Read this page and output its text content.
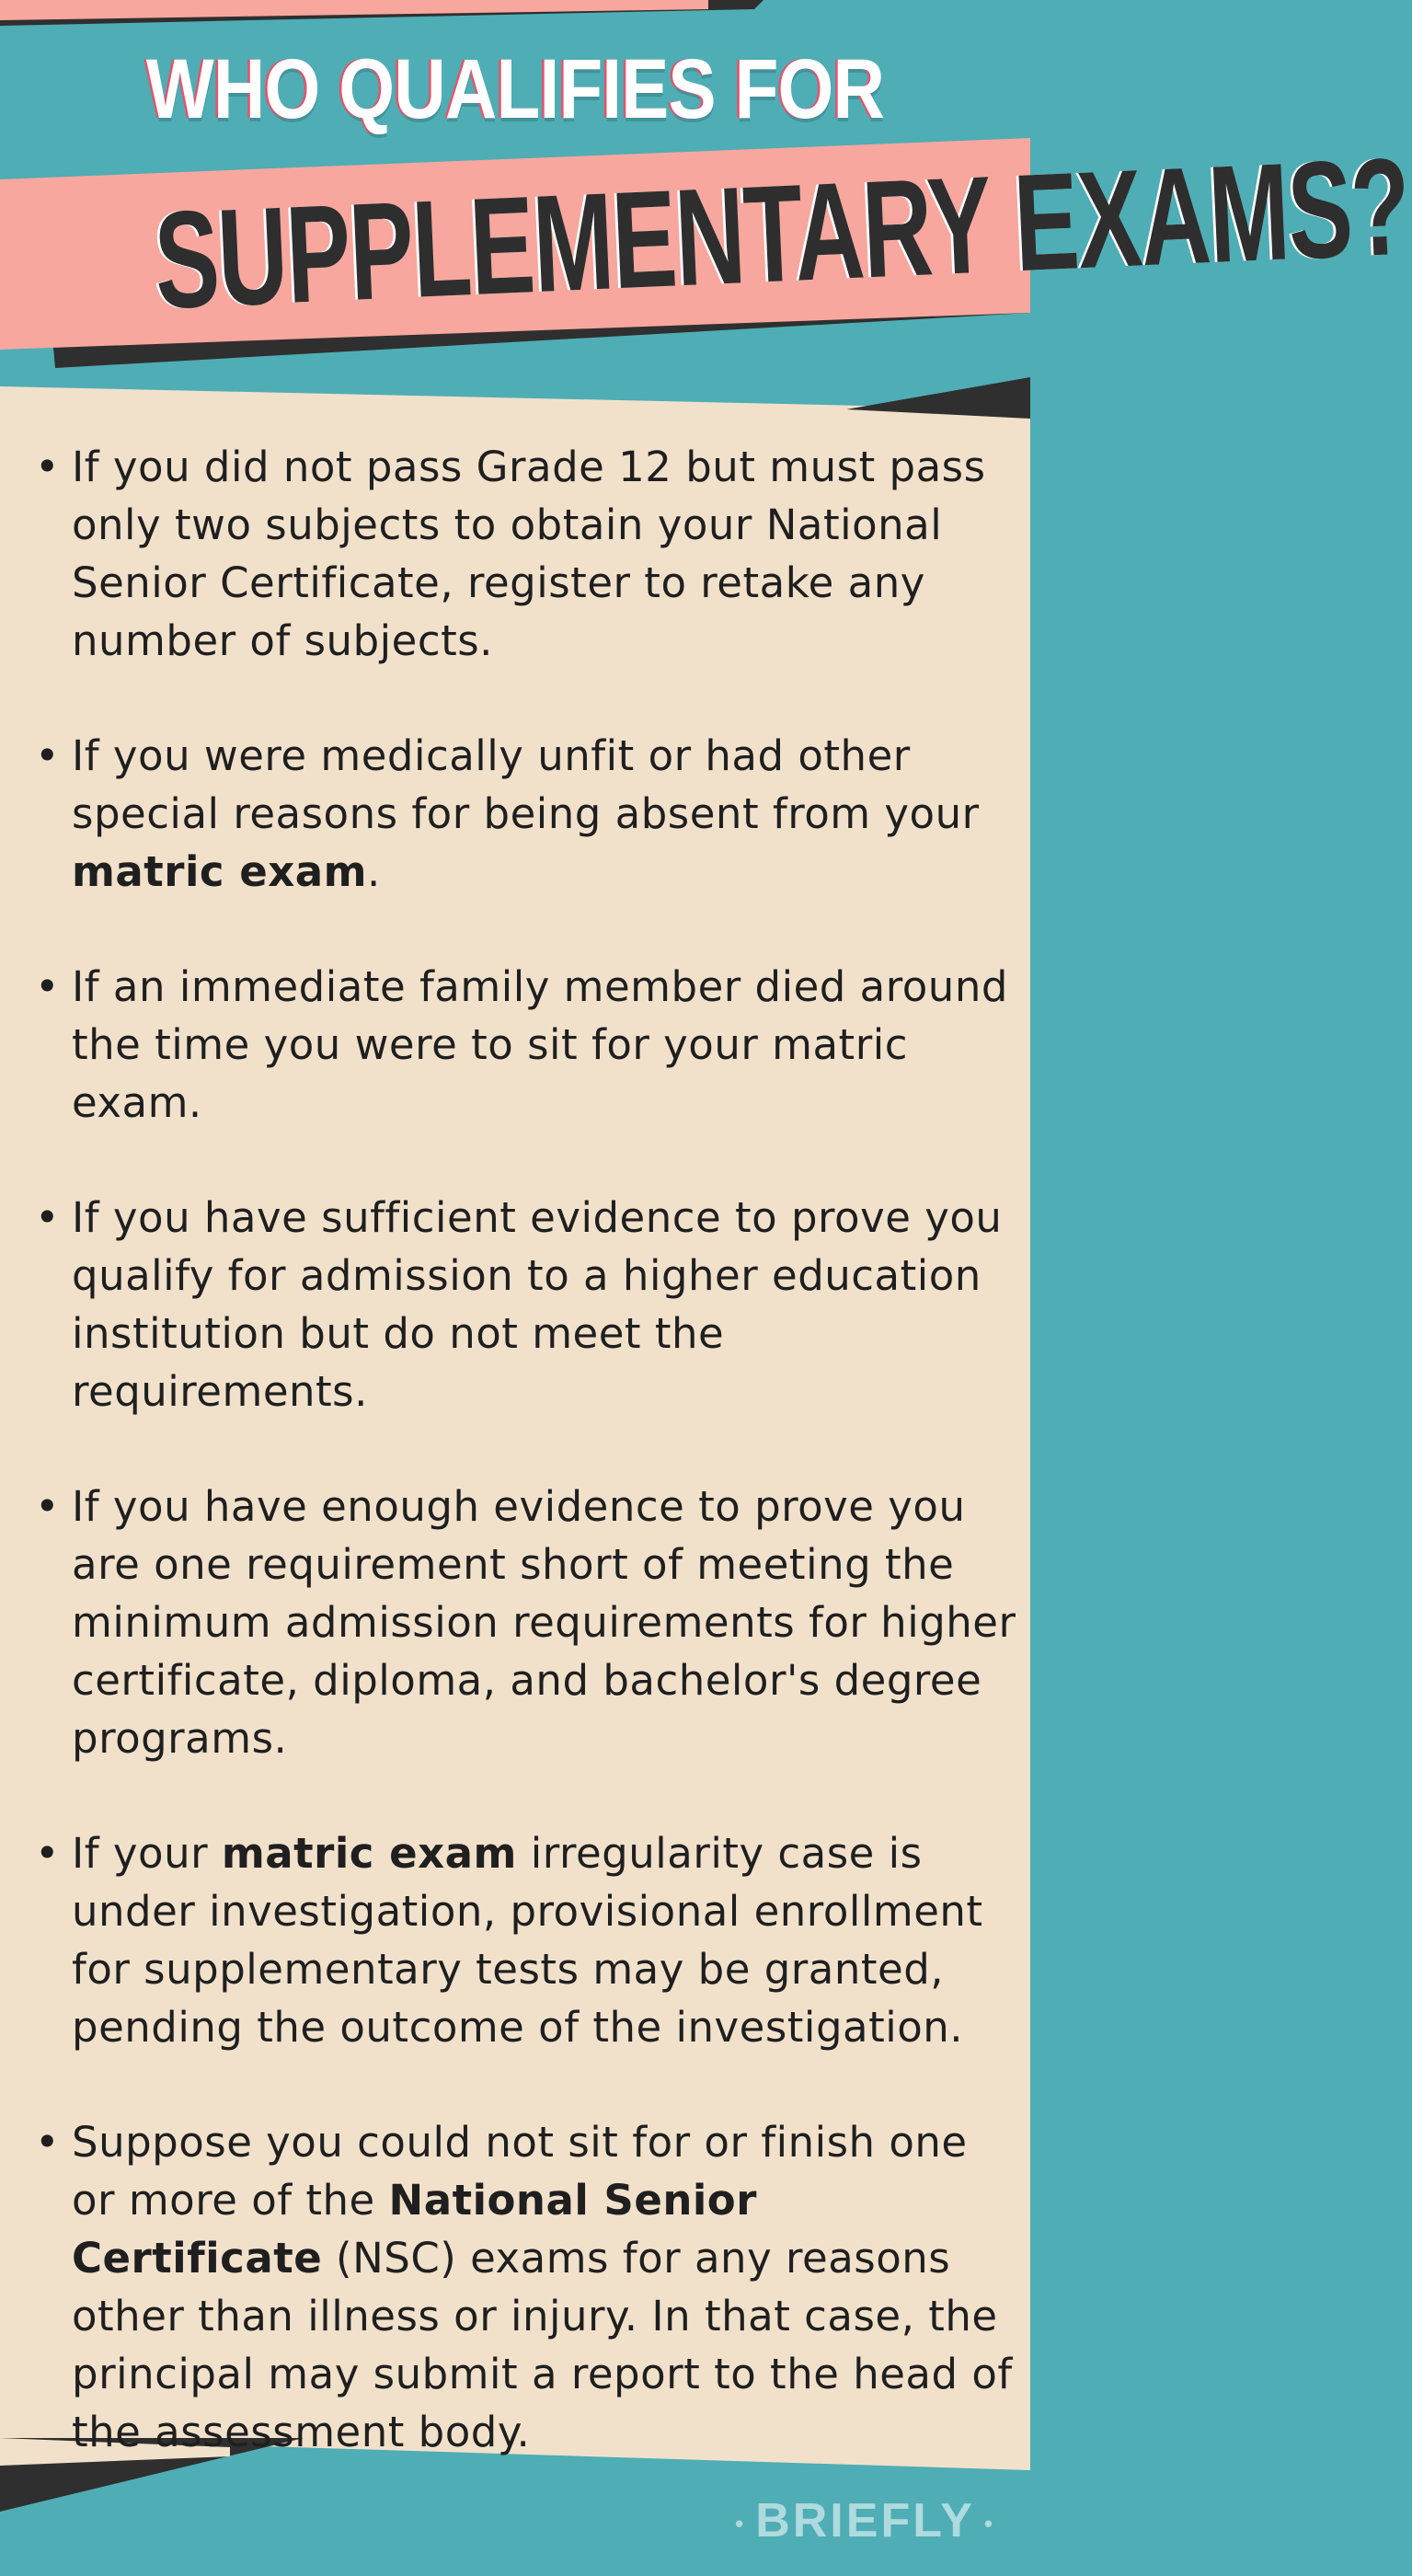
WHO QUALIFIES FOR
SUPPLEMENTARY EXAMS?
• If you did not pass Grade 12 but must pass only two subjects to obtain your National Senior Certificate, register to retake any number of subjects.
• If you were medically unfit or had other special reasons for being absent from your matric exam.
• If an immediate family member died around the time you were to sit for your matric exam.
• If you have sufficient evidence to prove you qualify for admission to a higher education institution but do not meet the requirements.
• If you have enough evidence to prove you are one requirement short of meeting the minimum admission requirements for higher certificate, diploma, and bachelor's degree programs.
• If your matric exam irregularity case is under investigation, provisional enrollment for supplementary tests may be granted, pending the outcome of the investigation.
• Suppose you could not sit for or finish one or more of the National Senior Certificate (NSC) exams for any reasons other than illness or injury. In that case, the principal may submit a report to the head of the assessment body.
• BRIEFLY •
